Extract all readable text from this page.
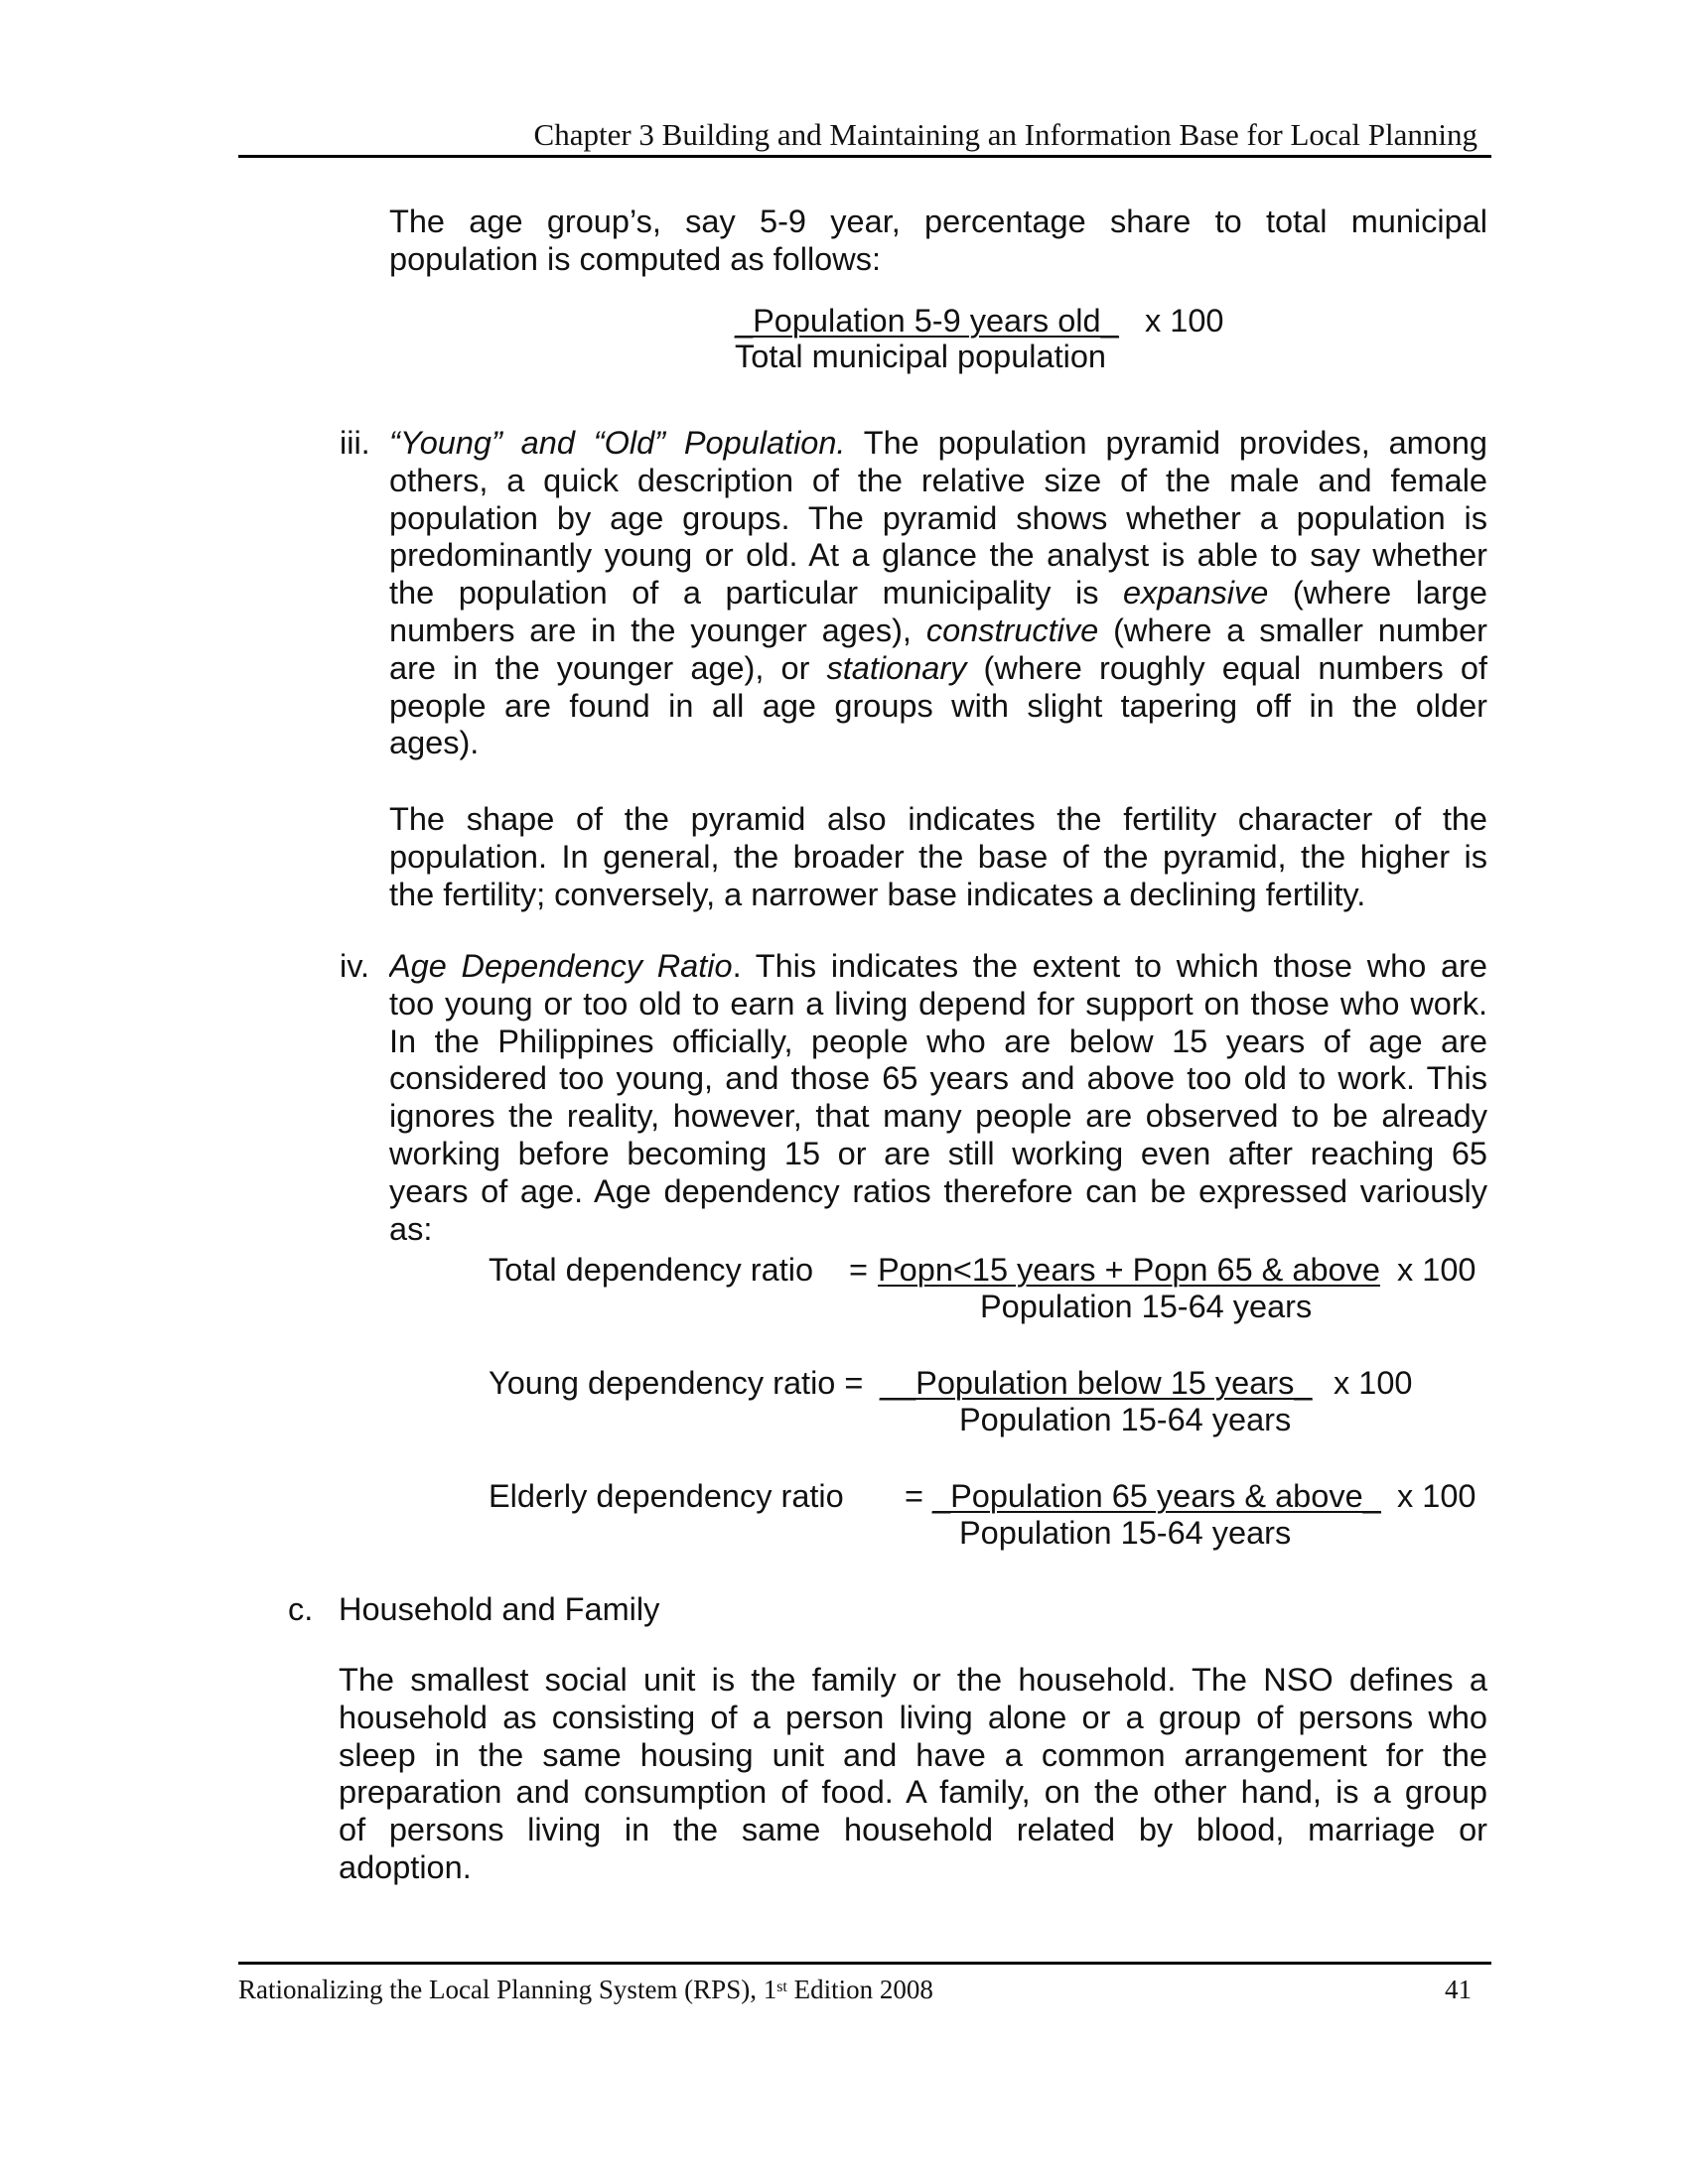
Chapter 3 Building and Maintaining an Information Base for Local Planning
The age group’s, say 5-9 year, percentage share to total municipal
population is computed as follows:
_Population 5-9 years old_ x 100
Total municipal population
iii. “Young” and “Old” Population. The population pyramid provides, among
others, a quick description of the relative size of the male and female
population by age groups. The pyramid shows whether a population is
predominantly young or old. At a glance the analyst is able to say whether
the population of a particular municipality is expansive (where large
numbers are in the younger ages), constructive (where a smaller number
are in the younger age), or stationary (where roughly equal numbers of
people are found in all age groups with slight tapering off in the older
ages).
The shape of the pyramid also indicates the fertility character of the
population. In general, the broader the base of the pyramid, the higher is
the fertility; conversely, a narrower base indicates a declining fertility.
iv. Age Dependency Ratio. This indicates the extent to which those who are
too young or too old to earn a living depend for support on those who work.
In the Philippines officially, people who are below 15 years of age are
considered too young, and those 65 years and above too old to work. This
ignores the reality, however, that many people are observed to be already
working before becoming 15 or are still working even after reaching 65
years of age. Age dependency ratios therefore can be expressed variously
as:
Total dependency ratio = Popn<15 years + Popn 65 & above x 100
Population 15-64 years
Young dependency ratio = __Population below 15 years_ x 100
Population 15-64 years
Elderly dependency ratio = _Population 65 years & above_ x 100
Population 15-64 years
c. Household and Family
The smallest social unit is the family or the household. The NSO defines a
household as consisting of a person living alone or a group of persons who
sleep in the same housing unit and have a common arrangement for the
preparation and consumption of food. A family, on the other hand, is a group
of persons living in the same household related by blood, marriage or
adoption.
Rationalizing the Local Planning System (RPS), 1st Edition 2008	41
